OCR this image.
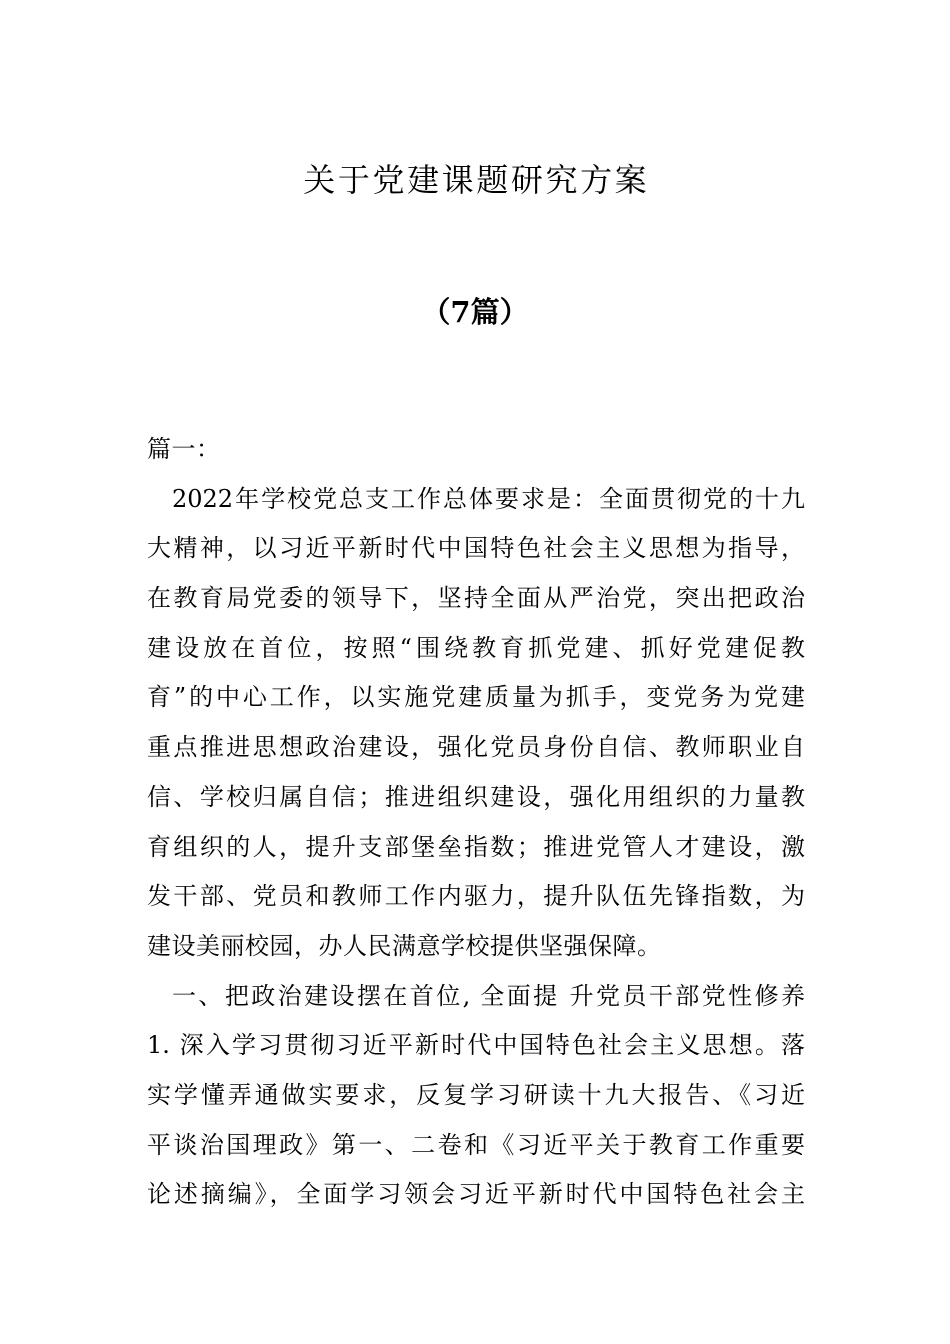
关于党建课题研究方案
（7篇）
篇一：
2022年学校党总支工作总体要求是：全面贯彻党的十九
大精神，以习近平新时代中国特色社会主义思想为指导，
在教育局党委的领导下，坚持全面从严治党，突出把政治
建设放在首位，按照“围绕教育抓党建、抓好党建促教
育”的中心工作，以实施党建质量为抓手，变党务为党建
重点推进思想政治建设，强化党员身份自信、教师职业自
信、学校归属自信；推进组织建设，强化用组织的力量教
育组织的人，提升支部堡垒指数；推进党管人才建设，激
发干部、党员和教师工作内驱力，提升队伍先锋指数，为
建设美丽校园，办人民满意学校提供坚强保障。
一、把政治建设摆在首位, 全面提 升党员干部党性修养
1. 深入学习贯彻习近平新时代中国特色社会主义思想。落
实学懂弄通做实要求，反复学习研读十九大报告、《习近
平谈治国理政》第一、二卷和《习近平关于教育工作重要
论述摘编》，全面学习领会习近平新时代中国特色社会主
